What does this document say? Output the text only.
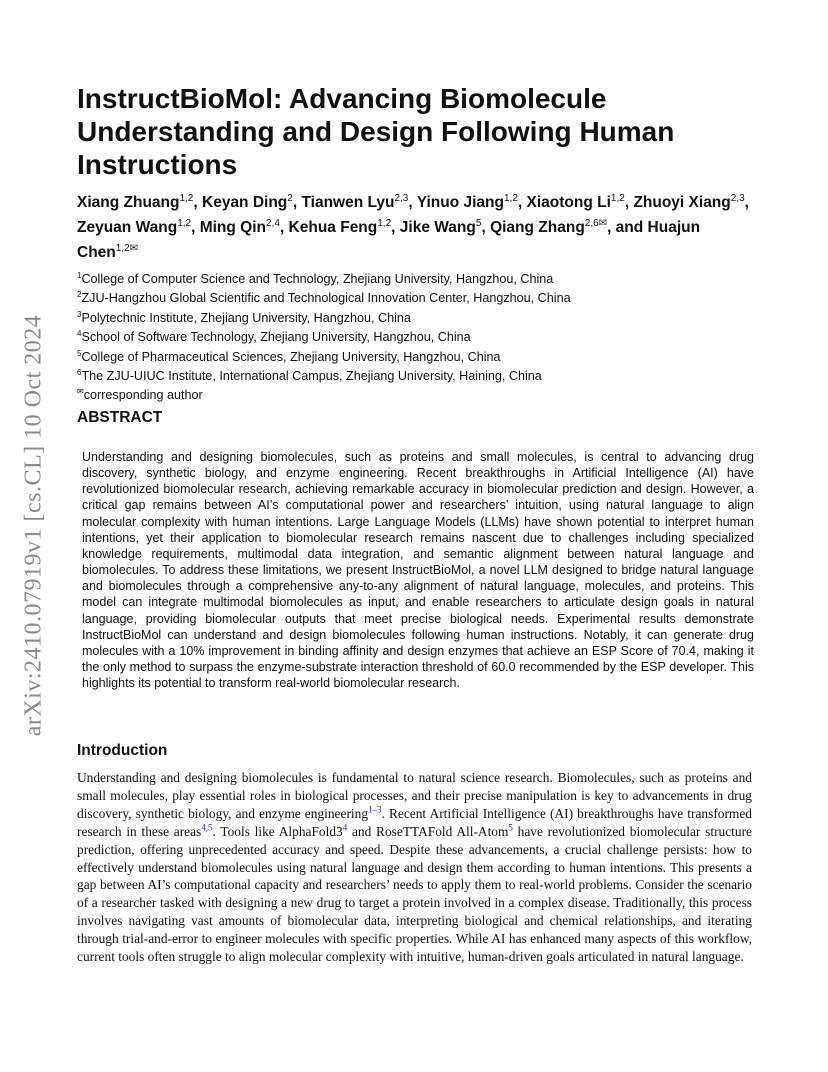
arXiv:2410.07919v1 [cs.CL] 10 Oct 2024
InstructBioMol: Advancing Biomolecule Understanding and Design Following Human Instructions
Xiang Zhuang$^{1,2}$, Keyan Ding$^2$, Tianwen Lyu$^{2,3}$, Yinuo Jiang$^{1,2}$, Xiaotong Li$^{1,2}$, Zhuoyi Xiang$^{2,3}$, Zeyuan Wang$^{1,2}$, Ming Qin$^{2,4}$, Kehua Feng$^{1,2}$, Jike Wang$^5$, Qiang Zhang$^{2,6✉}$, and Huajun Chen$^{1,2✉}$
$^1$College of Computer Science and Technology, Zhejiang University, Hangzhou, China
$^2$ZJU-Hangzhou Global Scientific and Technological Innovation Center, Hangzhou, China
$^3$Polytechnic Institute, Zhejiang University, Hangzhou, China
$^4$School of Software Technology, Zhejiang University, Hangzhou, China
$^5$College of Pharmaceutical Sciences, Zhejiang University, Hangzhou, China
$^6$The ZJU-UIUC Institute, International Campus, Zhejiang University, Haining, China
✉corresponding author
ABSTRACT

Understanding and designing biomolecules, such as proteins and small molecules, is central to advancing drug discovery, synthetic biology, and enzyme engineering. Recent breakthroughs in Artificial Intelligence (AI) have revolutionized biomolecular research, achieving remarkable accuracy in biomolecular prediction and design. However, a critical gap remains between AI’s computational power and researchers’ intuition, using natural language to align molecular complexity with human intentions. Large Language Models (LLMs) have shown potential to interpret human intentions, yet their application to biomolecular research remains nascent due to challenges including specialized knowledge requirements, multimodal data integration, and semantic alignment between natural language and biomolecules. To address these limitations, we present InstructBioMol, a novel LLM designed to bridge natural language and biomolecules through a comprehensive any-to-any alignment of natural language, molecules, and proteins. This model can integrate multimodal biomolecules as input, and enable researchers to articulate design goals in natural language, providing biomolecular outputs that meet precise biological needs. Experimental results demonstrate InstructBioMol can understand and design biomolecules following human instructions. Notably, it can generate drug molecules with a 10% improvement in binding affinity and design enzymes that achieve an ESP Score of 70.4, making it the only method to surpass the enzyme-substrate interaction threshold of 60.0 recommended by the ESP developer. This highlights its potential to transform real-world biomolecular research.

Introduction

Understanding and designing biomolecules is fundamental to natural science research. Biomolecules, such as proteins and small molecules, play essential roles in biological processes, and their precise manipulation is key to advancements in drug discovery, synthetic biology, and enzyme engineering$^{1-3}$. Recent Artificial Intelligence (AI) breakthroughs have transformed research in these areas$^{4,5}$. Tools like AlphaFold3$^4$ and RoseTTAFold All-Atom$^5$ have revolutionized biomolecular structure prediction, offering unprecedented accuracy and speed. Despite these advancements, a crucial challenge persists: how to effectively understand biomolecules using natural language and design them according to human intentions. This presents a gap between AI’s computational capacity and researchers’ needs to apply them to real-world problems. Consider the scenario of a researcher tasked with designing a new drug to target a protein involved in a complex disease. Traditionally, this process involves navigating vast amounts of biomolecular data, interpreting biological and chemical relationships, and iterating through trial-and-error to engineer molecules with specific properties. While AI has enhanced many aspects of this workflow, current tools often struggle to align molecular complexity with intuitive, human-driven goals articulated in natural language.
